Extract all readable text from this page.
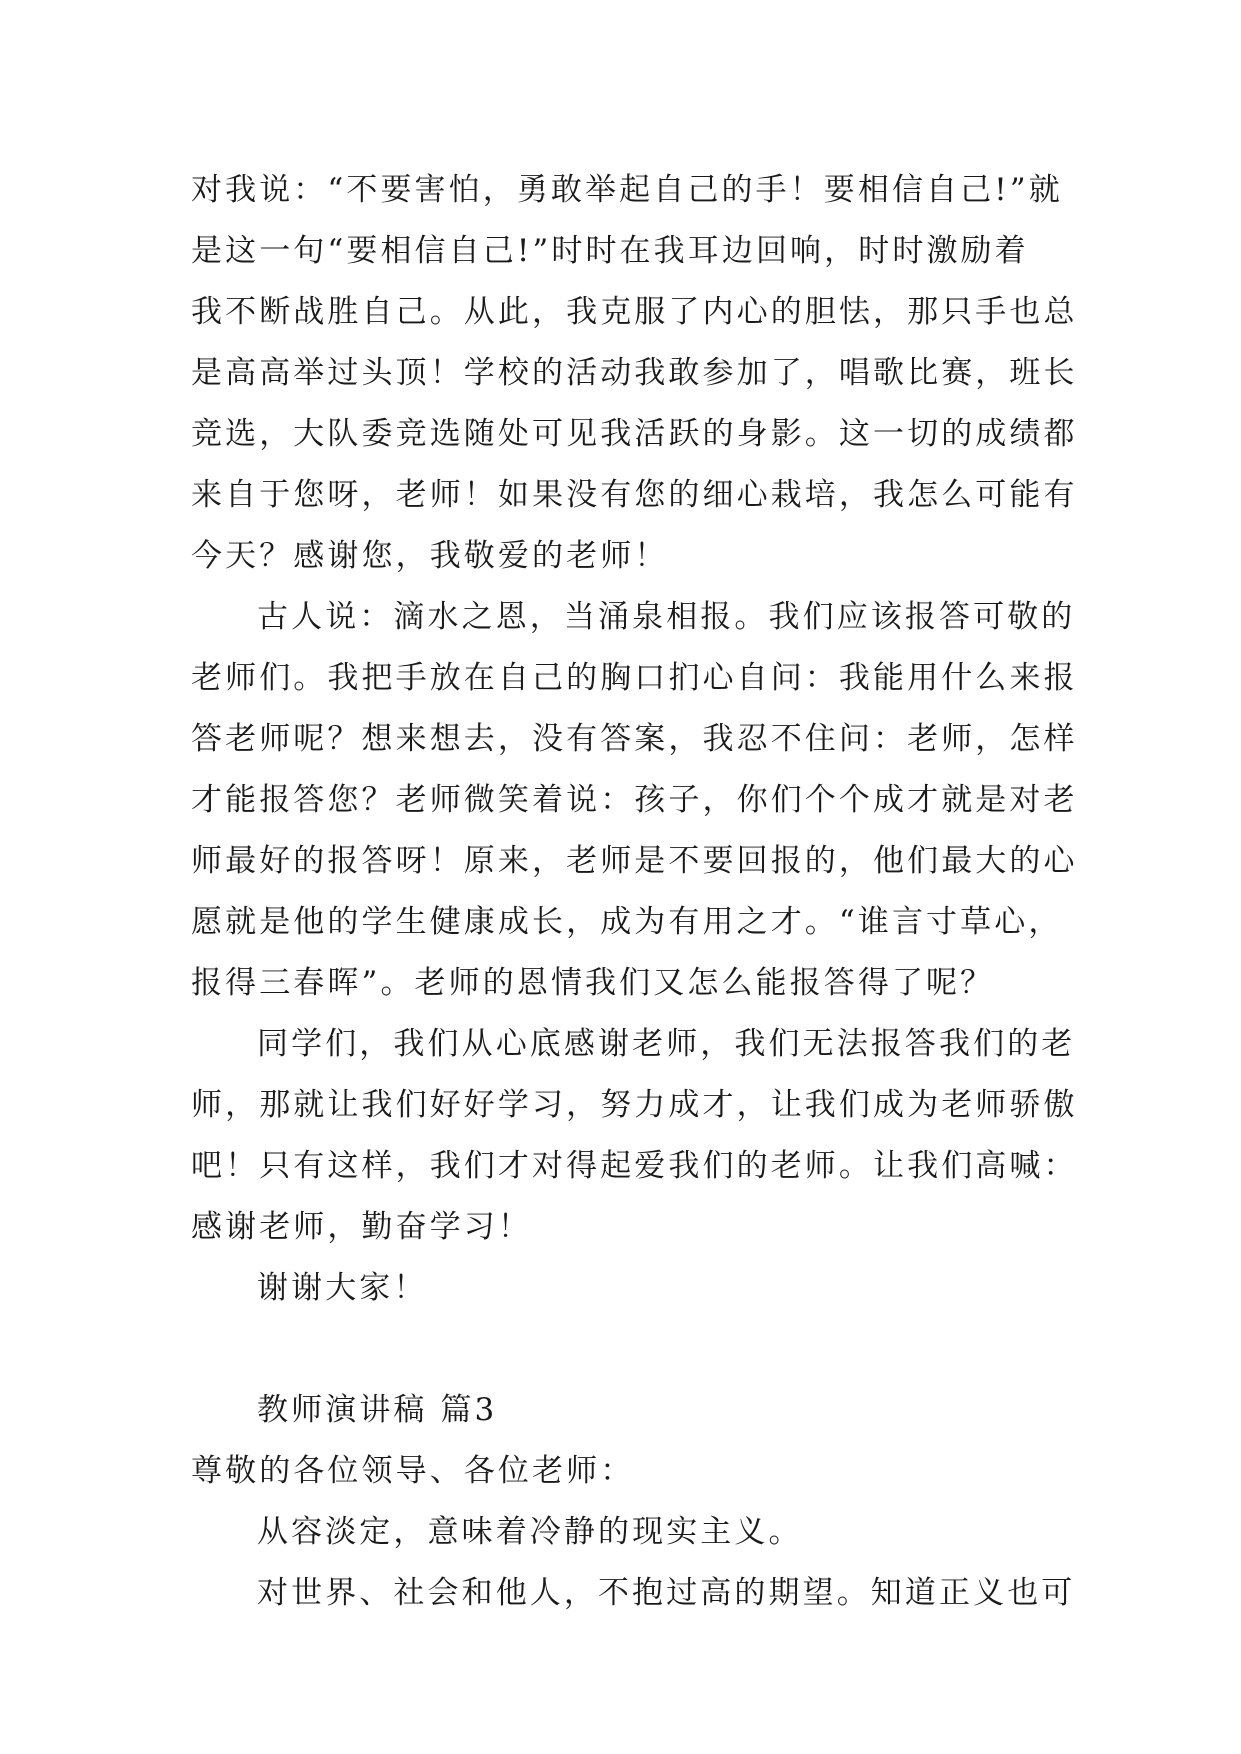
对我说：“不要害怕，勇敢举起自己的手！要相信自己!”就
是这一句“要相信自己!”时时在我耳边回响，时时激励着
我不断战胜自己。从此，我克服了内心的胆怯，那只手也总
是高高举过头顶！学校的活动我敢参加了，唱歌比赛，班长
竞选，大队委竞选随处可见我活跃的身影。这一切的成绩都
来自于您呀，老师！如果没有您的细心栽培，我怎么可能有
今天？感谢您，我敬爱的老师！
古人说：滴水之恩，当涌泉相报。我们应该报答可敬的
老师们。我把手放在自己的胸口扪心自问：我能用什么来报
答老师呢？想来想去，没有答案，我忍不住问：老师，怎样
才能报答您？老师微笑着说：孩子，你们个个成才就是对老
师最好的报答呀！原来，老师是不要回报的，他们最大的心
愿就是他的学生健康成长，成为有用之才。“谁言寸草心，
报得三春晖”。老师的恩情我们又怎么能报答得了呢？
同学们，我们从心底感谢老师，我们无法报答我们的老
师，那就让我们好好学习，努力成才，让我们成为老师骄傲
吧！只有这样，我们才对得起爱我们的老师。让我们高喊：
感谢老师，勤奋学习！
谢谢大家！
教师演讲稿 篇3
尊敬的各位领导、各位老师：
从容淡定，意味着冷静的现实主义。
对世界、社会和他人，不抱过高的期望。知道正义也可
